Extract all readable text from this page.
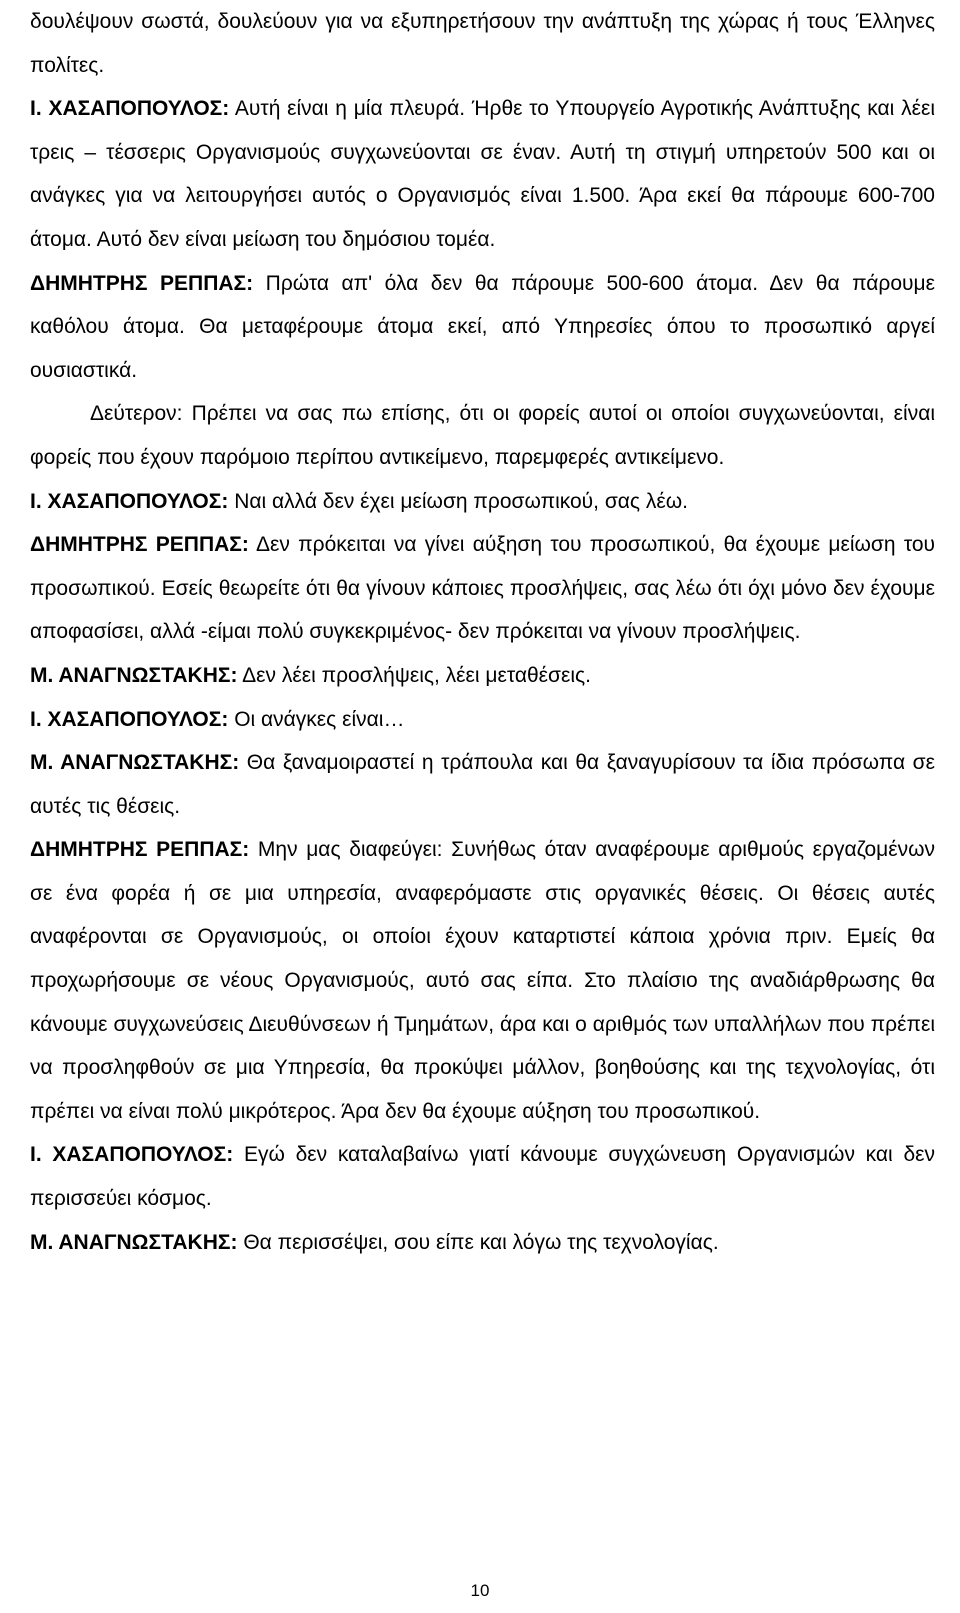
δουλέψουν σωστά, δουλεύουν για να εξυπηρετήσουν την ανάπτυξη της χώρας ή τους Έλληνες πολίτες.

Ι. ΧΑΣΑΠΟΠΟΥΛΟΣ: Αυτή είναι η μία πλευρά. Ήρθε το Υπουργείο Αγροτικής Ανάπτυξης και λέει τρεις – τέσσερις Οργανισμούς συγχωνεύονται σε έναν. Αυτή τη στιγμή υπηρετούν 500 και οι ανάγκες για να λειτουργήσει αυτός ο Οργανισμός είναι 1.500. Άρα εκεί θα πάρουμε 600-700 άτομα. Αυτό δεν είναι μείωση του δημόσιου τομέα.

ΔΗΜΗΤΡΗΣ ΡΕΠΠΑΣ: Πρώτα απ' όλα δεν θα πάρουμε 500-600 άτομα. Δεν θα πάρουμε καθόλου άτομα. Θα μεταφέρουμε άτομα εκεί, από Υπηρεσίες όπου το προσωπικό αργεί ουσιαστικά.

Δεύτερον: Πρέπει να σας πω επίσης, ότι οι φορείς αυτοί οι οποίοι συγχωνεύονται, είναι φορείς που έχουν παρόμοιο περίπου αντικείμενο, παρεμφερές αντικείμενο.

Ι. ΧΑΣΑΠΟΠΟΥΛΟΣ: Ναι αλλά δεν έχει μείωση προσωπικού, σας λέω.

ΔΗΜΗΤΡΗΣ ΡΕΠΠΑΣ: Δεν πρόκειται να γίνει αύξηση του προσωπικού, θα έχουμε μείωση του προσωπικού. Εσείς θεωρείτε ότι θα γίνουν κάποιες προσλήψεις, σας λέω ότι όχι μόνο δεν έχουμε αποφασίσει, αλλά -είμαι πολύ συγκεκριμένος- δεν πρόκειται να γίνουν προσλήψεις.

Μ. ΑΝΑΓΝΩΣΤΑΚΗΣ: Δεν λέει προσλήψεις, λέει μεταθέσεις.

Ι. ΧΑΣΑΠΟΠΟΥΛΟΣ: Οι ανάγκες είναι…

Μ. ΑΝΑΓΝΩΣΤΑΚΗΣ: Θα ξαναμοιραστεί η τράπουλα και θα ξαναγυρίσουν τα ίδια πρόσωπα σε αυτές τις θέσεις.

ΔΗΜΗΤΡΗΣ ΡΕΠΠΑΣ: Μην μας διαφεύγει: Συνήθως όταν αναφέρουμε αριθμούς εργαζομένων σε ένα φορέα ή σε μια υπηρεσία, αναφερόμαστε στις οργανικές θέσεις. Οι θέσεις αυτές αναφέρονται σε Οργανισμούς, οι οποίοι έχουν καταρτιστεί κάποια χρόνια πριν. Εμείς θα προχωρήσουμε σε νέους Οργανισμούς, αυτό σας είπα. Στο πλαίσιο της αναδιάρθρωσης θα κάνουμε συγχωνεύσεις Διευθύνσεων ή Τμημάτων, άρα και ο αριθμός των υπαλλήλων που πρέπει να προσληφθούν σε μια Υπηρεσία, θα προκύψει μάλλον, βοηθούσης και της τεχνολογίας, ότι πρέπει να είναι πολύ μικρότερος. Άρα δεν θα έχουμε αύξηση του προσωπικού.

Ι. ΧΑΣΑΠΟΠΟΥΛΟΣ: Εγώ δεν καταλαβαίνω γιατί κάνουμε συγχώνευση Οργανισμών και δεν περισσεύει κόσμος.

Μ. ΑΝΑΓΝΩΣΤΑΚΗΣ: Θα περισσέψει, σου είπε και λόγω της τεχνολογίας.

10
